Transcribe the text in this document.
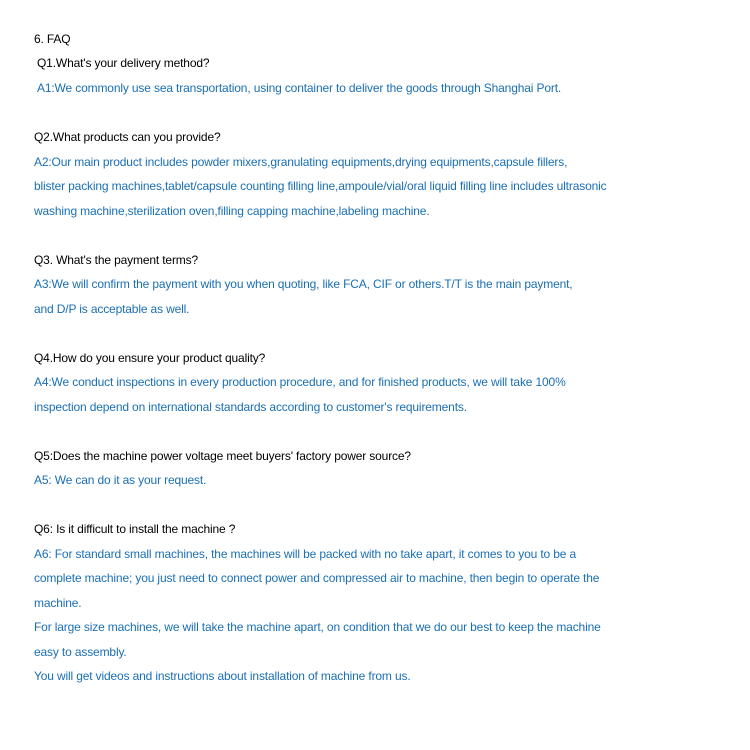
6. FAQ
Q1.What's your delivery method?
A1:We commonly use sea transportation, using container to deliver the goods through Shanghai Port.
Q2.What products can you provide?
A2:Our main product includes powder mixers,granulating equipments,drying equipments,capsule fillers,
blister packing machines,tablet/capsule counting filling line,ampoule/vial/oral liquid filling line includes ultrasonic
washing machine,sterilization oven,filling capping machine,labeling machine.
Q3. What's the payment terms?
A3:We will confirm the payment with you when quoting, like FCA, CIF or others.T/T is the main payment,
and D/P is acceptable as well.
Q4.How do you ensure your product quality?
A4:We conduct inspections in every production procedure, and for finished products, we will take 100%
inspection depend on international standards according to customer's requirements.
Q5:Does the machine power voltage meet buyers' factory power source?
A5: We can do it as your request.
Q6: Is it difficult to install the machine ?
A6: For standard small machines, the machines will be packed with no take apart, it comes to you to be a
complete machine; you just need to connect power and compressed air to machine, then begin to operate the
machine.
For large size machines, we will take the machine apart, on condition that we do our best to keep the machine
easy to assembly.
You will get videos and instructions about installation of machine from us.
